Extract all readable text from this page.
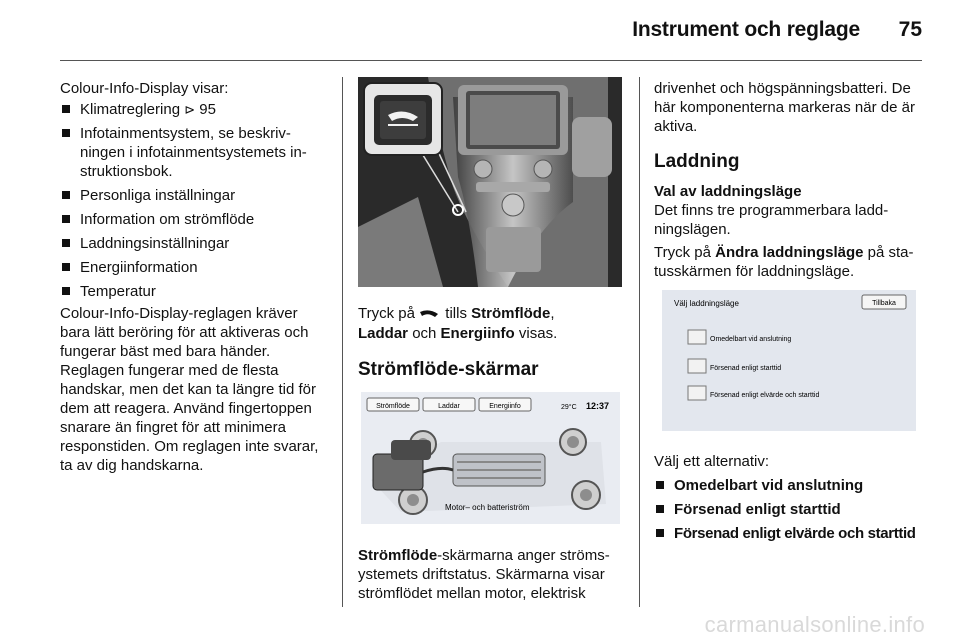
Instrument och reglage	75

Colour-Info-Display visar:

Klimatreglering ⊳ 95
Infotainmentsystem, se beskrivningen i infotainmentsystemets instruktionsbok.
Personliga inställningar
Information om strömflöde
Laddningsinställningar
Energiinformation
Temperatur

Colour-Info-Display-reglagen kräver bara lätt beröring för att aktiveras och fungerar bäst med bara händer. Reglagen fungerar med de flesta handskar, men det kan ta längre tid för dem att reagera. Använd fingertoppen snarare än fingret för att minimera responstiden. Om reglagen inte svarar, ta av dig handskarna.

Tryck på tills Strömflöde,
Laddar och Energiinfo visas.

Strömflöde-skärmar
Strömflöde	Laddar	Energiinfo	29°C 12:37
Motor– och batteriström

Strömflöde-skärmarna anger strömsystemets driftstatus. Skärmarna visar strömflödet mellan motor, elektrisk

drivenhet och högspänningsbatteri. De här komponenterna markeras när de är aktiva.

Laddning
Val av laddningsläge

Det finns tre programmerbara laddningslägen.

Tryck på Ändra laddningsläge på statusskärmen för laddningsläge.

Välj laddningsläge	Tillbaka
Omedelbart vid anslutning
Försenad enligt starttid
Försenad enligt elvärde och starttid

Välj ett alternativ:

Omedelbart vid anslutning
Försenad enligt starttid
Försenad enligt elvärde och starttid
carmanualsonline.info
